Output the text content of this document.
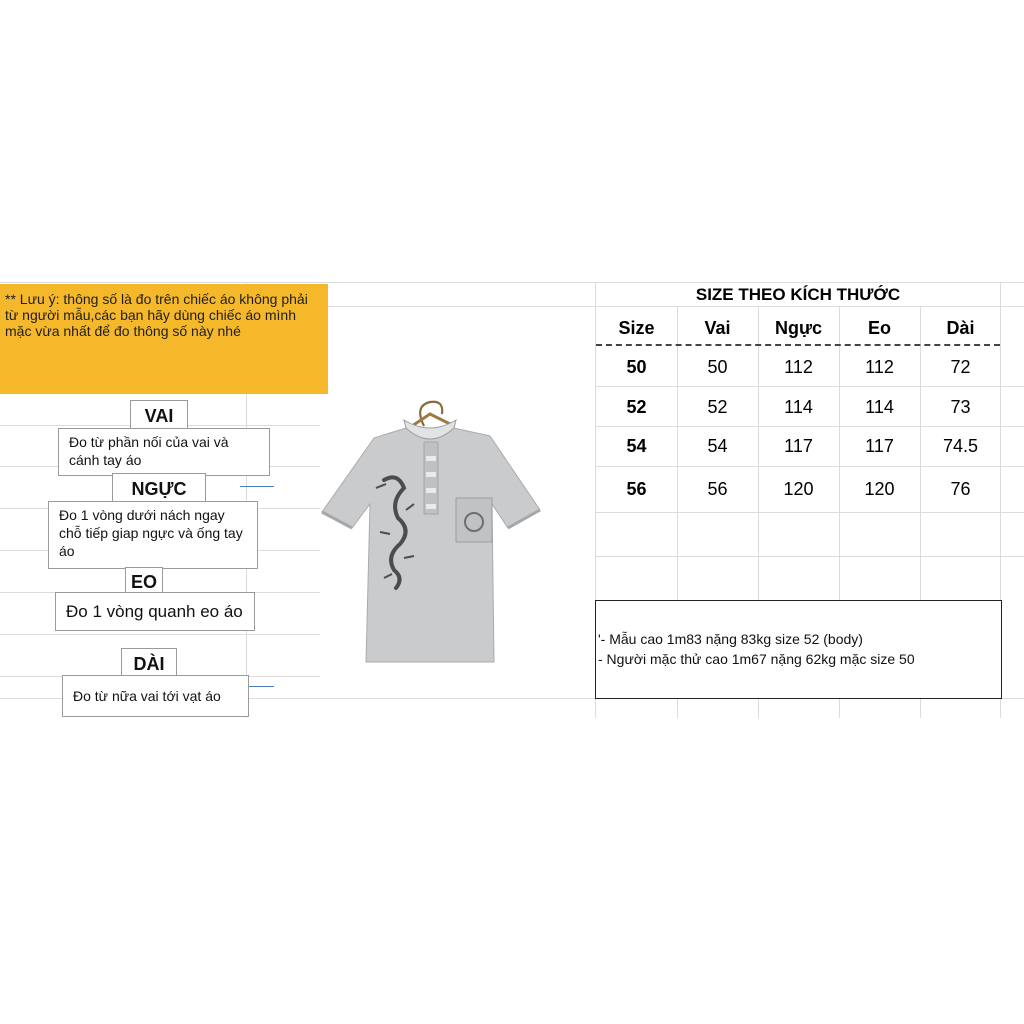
** Lưu ý: thông số là đo trên chiếc áo không phải từ người mẫu,các bạn hãy dùng chiếc áo mình mặc vừa nhất để đo thông số này nhé
VAI
Đo từ phần nối của vai và cánh tay áo
NGỰC
Đo 1 vòng dưới nách ngay chỗ tiếp giap ngực và ống tay áo
EO
Đo 1 vòng quanh eo áo
DÀI
Đo từ nữa vai tới vạt áo
SIZE THEO KÍCH THƯỚC
Size	Vai	Ngực	Eo	Dài
50	50	112	112	72
52	52	114	114	73
54	54	117	117	74.5
56	56	120	120	76
'- Mẫu cao 1m83 nặng 83kg size 52 (body)
- Người mặc thử cao 1m67 nặng 62kg mặc size 50
